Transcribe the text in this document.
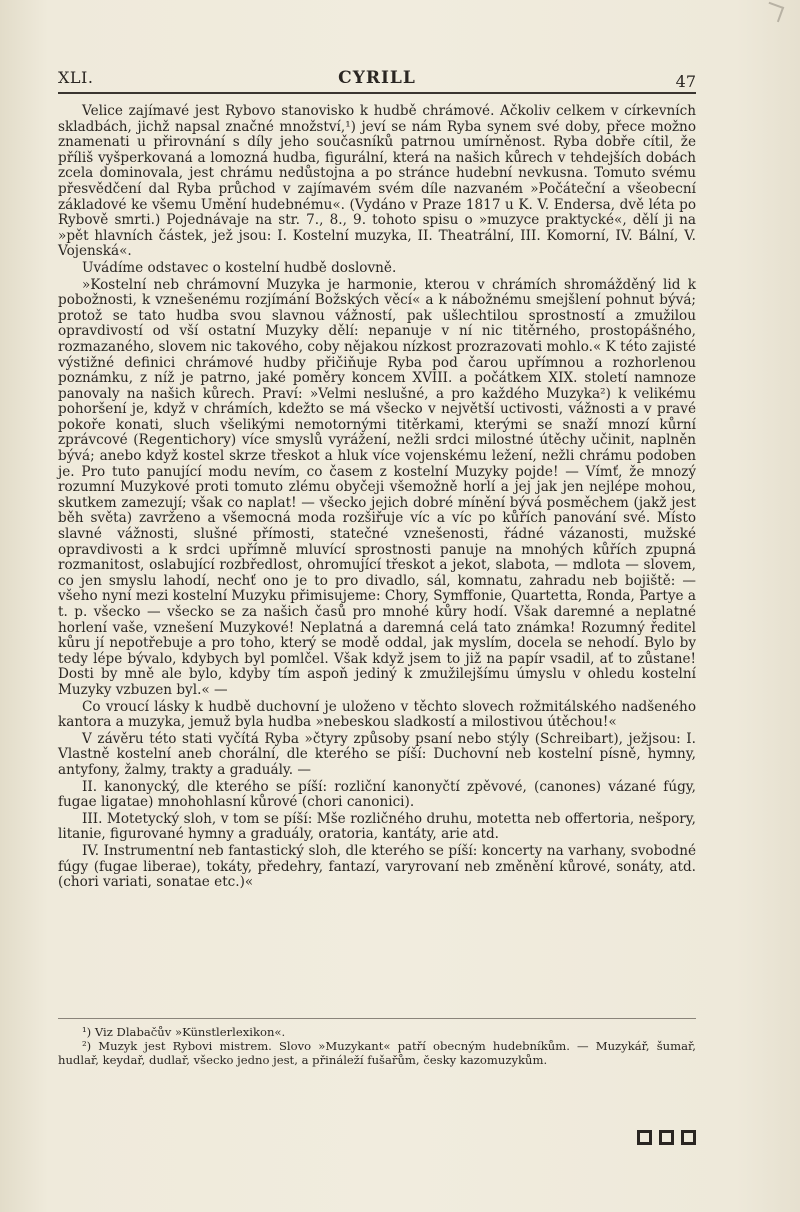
XLI.	CYRILL	47

Velice zajímavé jest Rybovo stanovisko k hudbě chrámové. Ačkoliv celkem v církevních skladbách, jichž napsal značné množství,¹) jeví se nám Ryba synem své doby, přece možno znamenati u přirovnání s díly jeho současníků patrnou umírněnost. Ryba dobře cítil, že příliš vyšperkovaná a lomozná hudba, figurální, která na našich kůrech v tehdejších dobách zcela dominovala, jest chrámu nedůstojna a po stránce hudební nevkusna. Tomuto svému přesvědčení dal Ryba průchod v zajímavém svém díle nazvaném »Počáteční a všeobecní základové ke všemu Umění hudebnému«. (Vydáno v Praze 1817 u K. V. Endersa, dvě léta po Rybově smrti.) Pojednávaje na str. 7., 8., 9. tohoto spisu o »muzyce praktycké«, dělí ji na »pět hlavních částek, jež jsou: I. Kostelní muzyka, II. Theatrální, III. Komorní, IV. Bální, V. Vojenská«.

Uvádíme odstavec o kostelní hudbě doslovně.

»Kostelní neb chrámovní Muzyka je harmonie, kterou v chrámích shromážděný lid k pobožnosti, k vznešenému rozjímání Božských věcí« a k nábožnému smejšlení pohnut bývá; protož se tato hudba svou slavnou vážností, pak ušlechtilou sprostností a zmužilou opravdivostí od vší ostatní Muzyky dělí: nepanuje v ní nic titěrného, prostopášného, rozmazaného, slovem nic takového, coby nějakou nízkost prozrazovati mohlo.« K této zajisté výstižné definici chrámové hudby přičiňuje Ryba pod čarou upřímnou a rozhorlenou poznámku, z níž je patrno, jaké poměry koncem XVIII. a počátkem XIX. století namnoze panovaly na našich kůrech. Praví: »Velmi neslušné, a pro každého Muzyka²) k velikému pohoršení je, když v chrámích, kdežto se má všecko v největší uctivosti, vážnosti a v pravé pokoře konati, sluch všelikými nemotornými titěrkami, kterými se snaží mnozí kůrní zprávcové (Regentichory) více smyslů vyrážení, nežli srdci milostné útěchy učinit, naplněn bývá; anebo když kostel skrze třeskot a hluk více vojenskému ležení, nežli chrámu podoben je. Pro tuto panující modu nevím, co časem z kostelní Muzyky pojde! — Vímť, že mnozý rozumní Muzykové proti tomuto zlému obyčeji všemožně horlí a jej jak jen nejlépe mohou, skutkem zamezují; však co naplat! — všecko jejich dobré mínění bývá posměchem (jakž jest běh světa) zavrženo a všemocná moda rozšiřuje víc a víc po kůřích panování své. Místo slavné vážnosti, slušné přímosti, statečné vznešenosti, řádné vázanosti, mužské opravdivosti a k srdci upřímně mluvící sprostnosti panuje na mnohých kůřích zpupná rozmanitost, oslabující rozbředlost, ohromující třeskot a jekot, slabota, — mdlota — slovem, co jen smyslu lahodí, nechť ono je to pro divadlo, sál, komnatu, zahradu neb bojiště: — všeho nyní mezi kostelní Muzyku přimisujeme: Chory, Symffonie, Quartetta, Ronda, Partye a t. p. všecko — všecko se za našich časů pro mnohé kůry hodí. Však daremné a neplatné horlení vaše, vznešení Muzykové! Neplatná a daremná celá tato známka! Rozumný ředitel kůru jí nepotřebuje a pro toho, který se modě oddal, jak myslím, docela se nehodí. Bylo by tedy lépe bývalo, kdybych byl pomlčel. Však když jsem to již na papír vsadil, ať to zůstane! Dosti by mně ale bylo, kdyby tím aspoň jediný k zmužilejšímu úmyslu v ohledu kostelní Muzyky vzbuzen byl.« —

Co vroucí lásky k hudbě duchovní je uloženo v těchto slovech rožmitálského nadšeného kantora a muzyka, jemuž byla hudba »nebeskou sladkostí a milostivou útěchou!«

V závěru této stati vyčítá Ryba »čtyry způsoby psaní nebo stýly (Schreibart), ježjsou: I. Vlastně kostelní aneb chorální, dle kterého se píší: Duchovní neb kostelní písně, hymny, antyfony, žalmy, trakty a graduály. —

II. kanonycký, dle kterého se píší: rozliční kanonyčtí zpěvové, (canones) vázané fúgy, fugae ligatae) mnohohlasní kůrové (chori canonici).

III. Motetycký sloh, v tom se píší: Mše rozličného druhu, motetta neb offertoria, nešpory, litanie, figurované hymny a graduály, oratoria, kantáty, arie atd.

IV. Instrumentní neb fantastický sloh, dle kterého se píší: koncerty na varhany, svobodné fúgy (fugae liberae), tokáty, předehry, fantazí, varyrovaní neb změnění kůrové, sonáty, atd. (chori variati, sonatae etc.)«

¹) Viz Dlabačův »Künstlerlexikon«.

²) Muzyk jest Rybovi mistrem. Slovo »Muzykant« patří obecným hudebníkům. — Muzykář, šumař, hudlař, keydař, dudlař, všecko jedno jest, a přináleží fušařům, česky kazomuzykům.
